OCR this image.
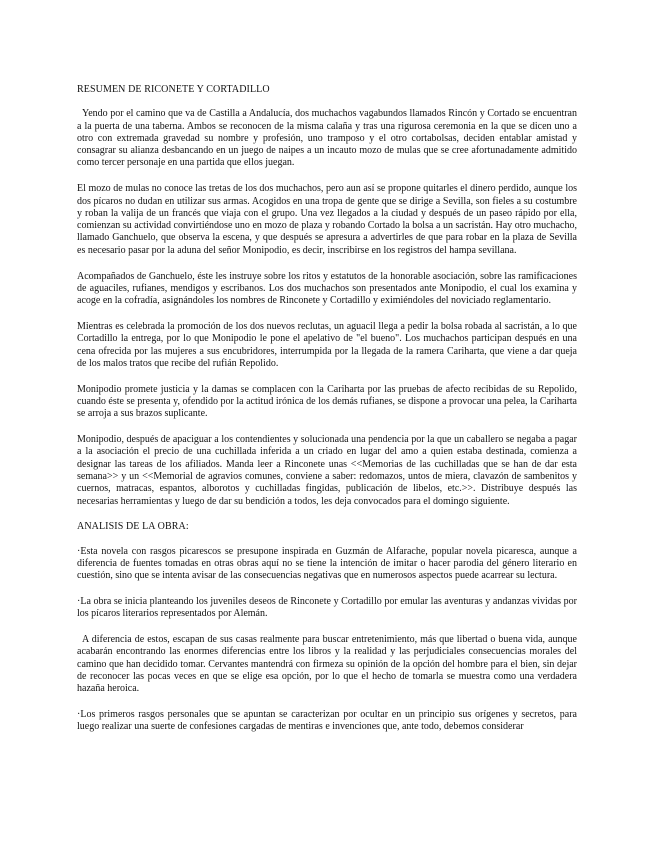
RESUMEN DE RICONETE Y CORTADILLO

Yendo por el camino que va de Castilla a Andalucía, dos muchachos vagabundos llamados Rincón y Cortado se encuentran a la puerta de una taberna. Ambos se reconocen de la misma calaña y tras una rigurosa ceremonia en la que se dicen uno a otro con extremada gravedad su nombre y profesión, uno tramposo y el otro cortabolsas, deciden entablar amistad y consagrar su alianza desbancando en un juego de naipes a un incauto mozo de mulas que se cree afortunadamente admitido como tercer personaje en una partida que ellos juegan.

El mozo de mulas no conoce las tretas de los dos muchachos, pero aun así se propone quitarles el dinero perdido, aunque los dos pícaros no dudan en utilizar sus armas. Acogidos en una tropa de gente que se dirige a Sevilla, son fieles a su costumbre y roban la valija de un francés que viaja con el grupo. Una vez llegados a la ciudad y después de un paseo rápido por ella, comienzan su actividad convirtiéndose uno en mozo de plaza y robando Cortado la bolsa a un sacristán. Hay otro muchacho, llamado Ganchuelo, que observa la escena, y que después se apresura a advertirles de que para robar en la plaza de Sevilla es necesario pasar por la aduna del señor Monipodio, es decir, inscribirse en los registros del hampa sevillana.

Acompañados de Ganchuelo, éste les instruye sobre los ritos y estatutos de la honorable asociación, sobre las ramificaciones de aguaciles, rufianes, mendigos y escribanos. Los dos muchachos son presentados ante Monipodio, el cual los examina y acoge en la cofradía, asignándoles los nombres de Rinconete y Cortadillo y eximiéndoles del noviciado reglamentario.

Mientras es celebrada la promoción de los dos nuevos reclutas, un aguacil llega a pedir la bolsa robada al sacristán, a lo que Cortadillo la entrega, por lo que Monipodio le pone el apelativo de "el bueno". Los muchachos participan después en una cena ofrecida por las mujeres a sus encubridores, interrumpida por la llegada de la ramera Cariharta, que viene a dar queja de los malos tratos que recibe del rufián Repolido.

Monipodio promete justicia y la damas se complacen con la Cariharta por las pruebas de afecto recibidas de su Repolido, cuando éste se presenta y, ofendido por la actitud irónica de los demás rufianes, se dispone a provocar una pelea, la Cariharta se arroja a sus brazos suplicante.

Monipodio, después de apaciguar a los contendientes y solucionada una pendencia por la que un caballero se negaba a pagar a la asociación el precio de una cuchillada inferida a un criado en lugar del amo a quien estaba destinada, comienza a designar las tareas de los afiliados. Manda leer a Rinconete unas <<Memorias de las cuchilladas que se han de dar esta semana>> y un <<Memorial de agravios comunes, conviene a saber: redomazos, untos de miera, clavazón de sambenitos y cuernos, matracas, espantos, alborotos y cuchilladas fingidas, publicación de libelos, etc.>>. Distribuye después las necesarias herramientas y luego de dar su bendición a todos, les deja convocados para el domingo siguiente.

ANALISIS DE LA OBRA:

·Esta novela con rasgos picarescos se presupone inspirada en Guzmán de Alfarache, popular novela picaresca, aunque a diferencia de fuentes tomadas en otras obras aquí no se tiene la intención de imitar o hacer parodia del género literario en cuestión, sino que se intenta avisar de las consecuencias negativas que en numerosos aspectos puede acarrear su lectura.

·La obra se inicia planteando los juveniles deseos de Rinconete y Cortadillo por emular las aventuras y andanzas vividas por los pícaros literarios representados por Alemán.

A diferencia de estos, escapan de sus casas realmente para buscar entretenimiento, más que libertad o buena vida, aunque acabarán encontrando las enormes diferencias entre los libros y la realidad y las perjudiciales consecuencias morales del camino que han decidido tomar. Cervantes mantendrá con firmeza su opinión de la opción del hombre para el bien, sin dejar de reconocer las pocas veces en que se elige esa opción, por lo que el hecho de tomarla se muestra como una verdadera hazaña heroica.

·Los primeros rasgos personales que se apuntan se caracterizan por ocultar en un principio sus orígenes y secretos, para luego realizar una suerte de confesiones cargadas de mentiras e invenciones que, ante todo, debemos considerar
